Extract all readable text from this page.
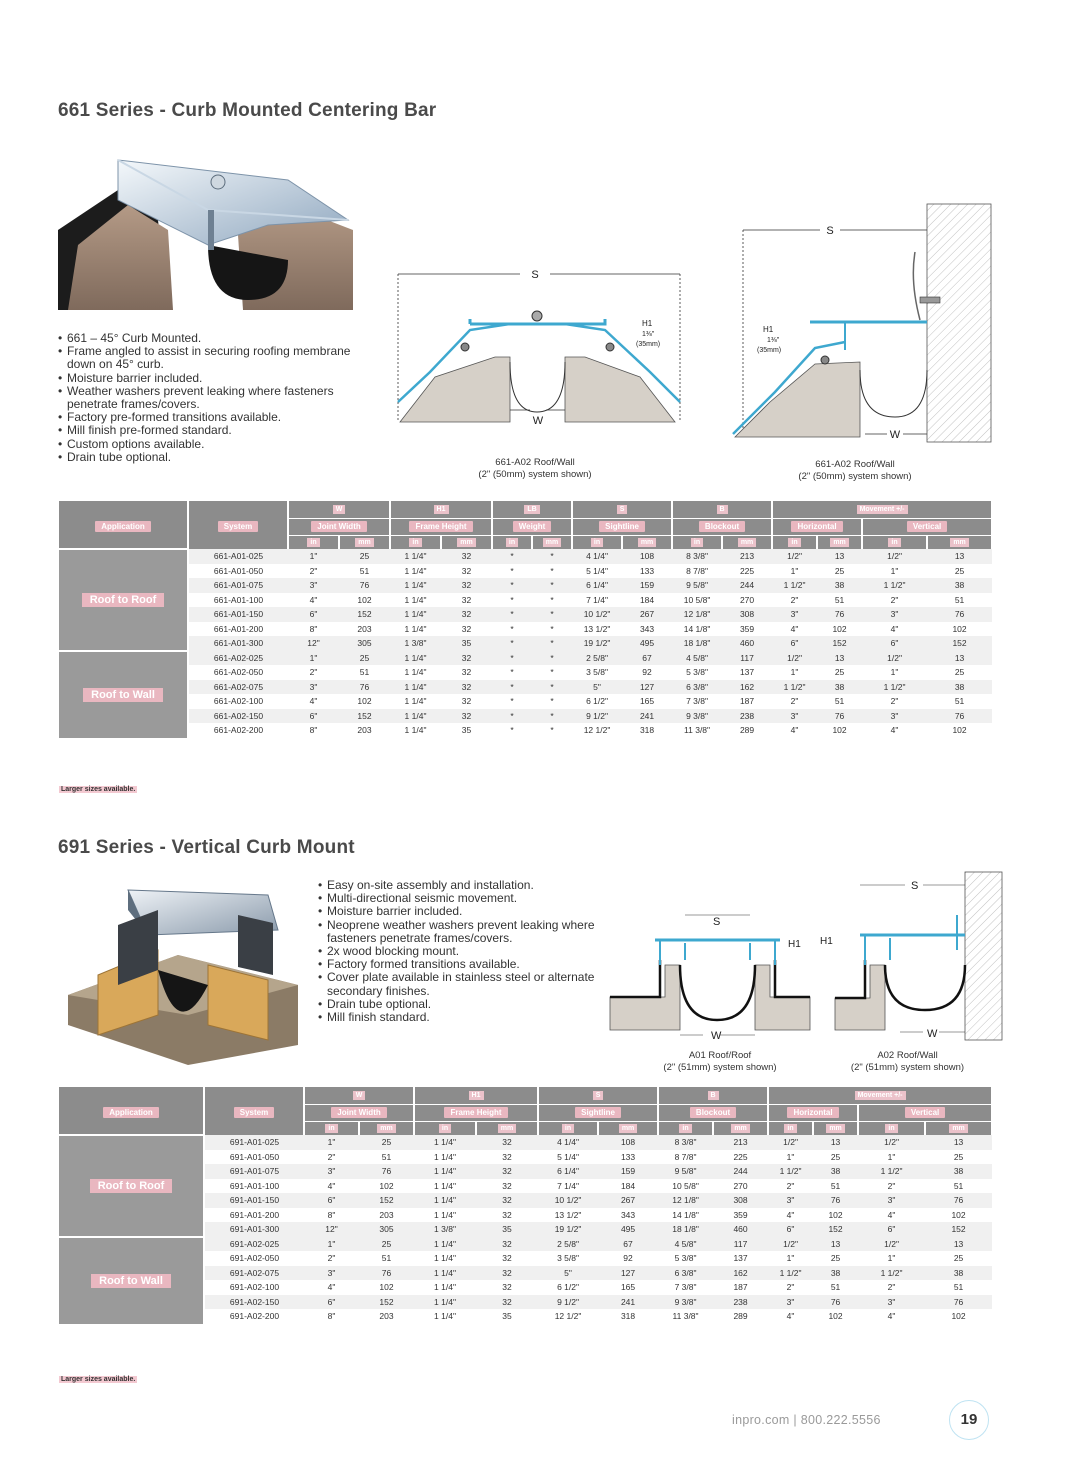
661 Series - Curb Mounted Centering Bar
• 661 – 45° Curb Mounted.
• Frame angled to assist in securing roofing membrane down on 45° curb.
• Moisture barrier included.
• Weather washers prevent leaking where fasteners penetrate frames/covers.
• Factory pre-formed transitions available.
• Mill finish pre-formed standard.
• Custom options available.
• Drain tube optional.
S
W
H1
1⅜"
(35mm)
661-A02 Roof/Wall
(2" (50mm) system shown)
S
W
H1
1⅜"
(35mm)
661-A02 Roof/Wall
(2" (50mm) system shown)
Application	System	W		H1		LB		S		B		Movement +/-			
		Joint Width		Frame Height		Weight		Sightline		Blockout		Horizontal		Vertical	
		in	mm	in	mm	in	mm	in	mm	in	mm	in	mm	in	mm
Roof to Roof	661-A01-025	1"	25	1 1/4"	32	*	*	4 1/4"	108	8 3/8"	213	1/2"	13	1/2"	13
	661-A01-050	2"	51	1 1/4"	32	*	*	5 1/4"	133	8 7/8"	225	1"	25	1"	25
	661-A01-075	3"	76	1 1/4"	32	*	*	6 1/4"	159	9 5/8"	244	1 1/2"	38	1 1/2"	38
	661-A01-100	4"	102	1 1/4"	32	*	*	7 1/4"	184	10 5/8"	270	2"	51	2"	51
	661-A01-150	6"	152	1 1/4"	32	*	*	10 1/2"	267	12 1/8"	308	3"	76	3"	76
	661-A01-200	8"	203	1 1/4"	32	*	*	13 1/2"	343	14 1/8"	359	4"	102	4"	102
	661-A01-300	12"	305	1 3/8"	35	*	*	19 1/2"	495	18 1/8"	460	6"	152	6"	152
Roof to Wall	661-A02-025	1"	25	1 1/4"	32	*	*	2 5/8"	67	4 5/8"	117	1/2"	13	1/2"	13
	661-A02-050	2"	51	1 1/4"	32	*	*	3 5/8"	92	5 3/8"	137	1"	25	1"	25
	661-A02-075	3"	76	1 1/4"	32	*	*	5"	127	6 3/8"	162	1 1/2"	38	1 1/2"	38
	661-A02-100	4"	102	1 1/4"	32	*	*	6 1/2"	165	7 3/8"	187	2"	51	2"	51
	661-A02-150	6"	152	1 1/4"	32	*	*	9 1/2"	241	9 3/8"	238	3"	76	3"	76
	661-A02-200	8"	203	1 1/4"	35	*	*	12 1/2"	318	11 3/8"	289	4"	102	4"	102
Larger sizes available.
691 Series - Vertical Curb Mount
• Easy on-site assembly and installation.
• Multi-directional seismic movement.
• Moisture barrier included.
• Neoprene weather washers prevent leaking where fasteners penetrate frames/covers.
• 2x wood blocking mount.
• Factory formed transitions available.
• Cover plate available in stainless steel or alternate secondary finishes.
• Drain tube optional.
• Mill finish standard.
S
W
H1
A01 Roof/Roof
(2" (51mm) system shown)
S
W
H1
A02 Roof/Wall
(2" (51mm) system shown)
Application	System	W		H1		S		B		Movement +/-			
		Joint Width		Frame Height		Sightline		Blockout		Horizontal		Vertical	
		in	mm	in	mm	in	mm	in	mm	in	mm	in	mm
Roof to Roof	691-A01-025	1"	25	1 1/4"	32	4 1/4"	108	8 3/8"	213	1/2"	13	1/2"	13
	691-A01-050	2"	51	1 1/4"	32	5 1/4"	133	8 7/8"	225	1"	25	1"	25
	691-A01-075	3"	76	1 1/4"	32	6 1/4"	159	9 5/8"	244	1 1/2"	38	1 1/2"	38
	691-A01-100	4"	102	1 1/4"	32	7 1/4"	184	10 5/8"	270	2"	51	2"	51
	691-A01-150	6"	152	1 1/4"	32	10 1/2"	267	12 1/8"	308	3"	76	3"	76
	691-A01-200	8"	203	1 1/4"	32	13 1/2"	343	14 1/8"	359	4"	102	4"	102
	691-A01-300	12"	305	1 3/8"	35	19 1/2"	495	18 1/8"	460	6"	152	6"	152
Roof to Wall	691-A02-025	1"	25	1 1/4"	32	2 5/8"	67	4 5/8"	117	1/2"	13	1/2"	13
	691-A02-050	2"	51	1 1/4"	32	3 5/8"	92	5 3/8"	137	1"	25	1"	25
	691-A02-075	3"	76	1 1/4"	32	5"	127	6 3/8"	162	1 1/2"	38	1 1/2"	38
	691-A02-100	4"	102	1 1/4"	32	6 1/2"	165	7 3/8"	187	2"	51	2"	51
	691-A02-150	6"	152	1 1/4"	32	9 1/2"	241	9 3/8"	238	3"	76	3"	76
	691-A02-200	8"	203	1 1/4"	35	12 1/2"	318	11 3/8"	289	4"	102	4"	102
Larger sizes available.
inpro.com | 800.222.5556	19
